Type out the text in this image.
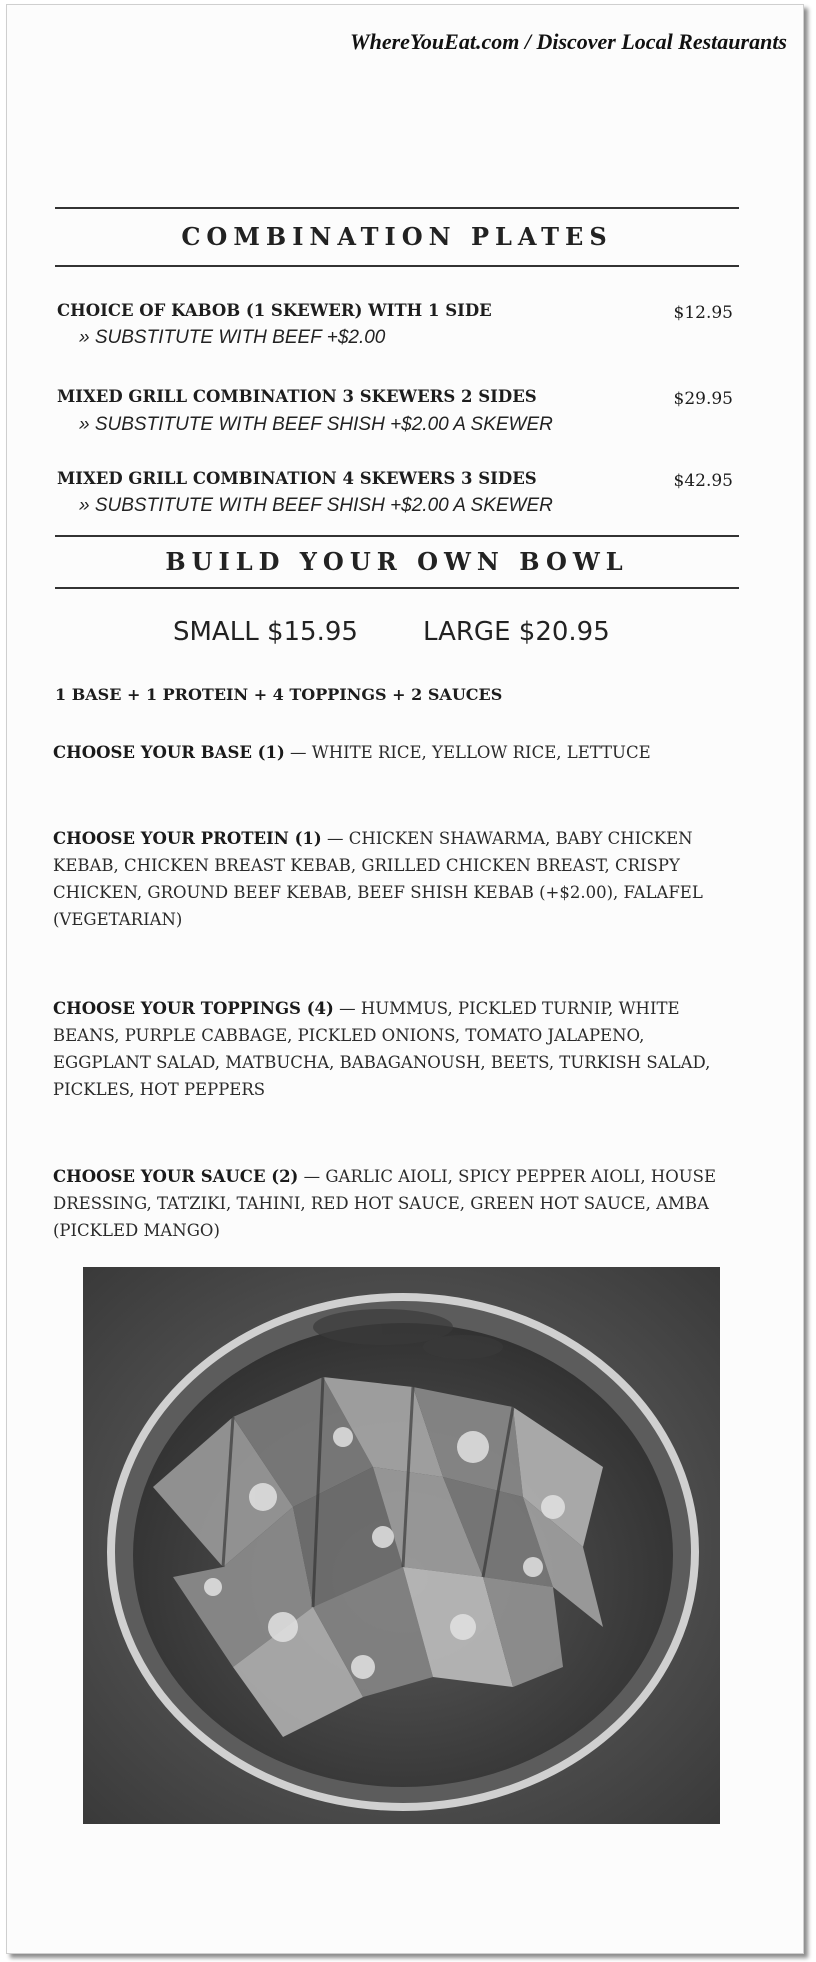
WhereYouEat.com / Discover Local Restaurants
COMBINATION PLATES
CHOICE OF KABOB (1 SKEWER) WITH 1 SIDE	$12.95
» SUBSTITUTE WITH BEEF +$2.00
MIXED GRILL COMBINATION 3 SKEWERS 2 SIDES	$29.95
» SUBSTITUTE WITH BEEF SHISH +$2.00 A SKEWER
MIXED GRILL COMBINATION 4 SKEWERS 3 SIDES	$42.95
» SUBSTITUTE WITH BEEF SHISH +$2.00 A SKEWER
BUILD YOUR OWN BOWL
SMALL $15.95	LARGE $20.95
1 BASE + 1 PROTEIN + 4 TOPPINGS + 2 SAUCES
CHOOSE YOUR BASE (1) — WHITE RICE, YELLOW RICE, LETTUCE
CHOOSE YOUR PROTEIN (1) — CHICKEN SHAWARMA, BABY CHICKEN KEBAB, CHICKEN BREAST KEBAB, GRILLED CHICKEN BREAST, CRISPY CHICKEN, GROUND BEEF KEBAB, BEEF SHISH KEBAB (+$2.00), FALAFEL (VEGETARIAN)
CHOOSE YOUR TOPPINGS (4) — HUMMUS, PICKLED TURNIP, WHITE BEANS, PURPLE CABBAGE, PICKLED ONIONS, TOMATO JALAPENO, EGGPLANT SALAD, MATBUCHA, BABAGANOUSH, BEETS, TURKISH SALAD, PICKLES, HOT PEPPERS
CHOOSE YOUR SAUCE (2) — GARLIC AIOLI, SPICY PEPPER AIOLI, HOUSE DRESSING, TATZIKI, TAHINI, RED HOT SAUCE, GREEN HOT SAUCE, AMBA (PICKLED MANGO)
